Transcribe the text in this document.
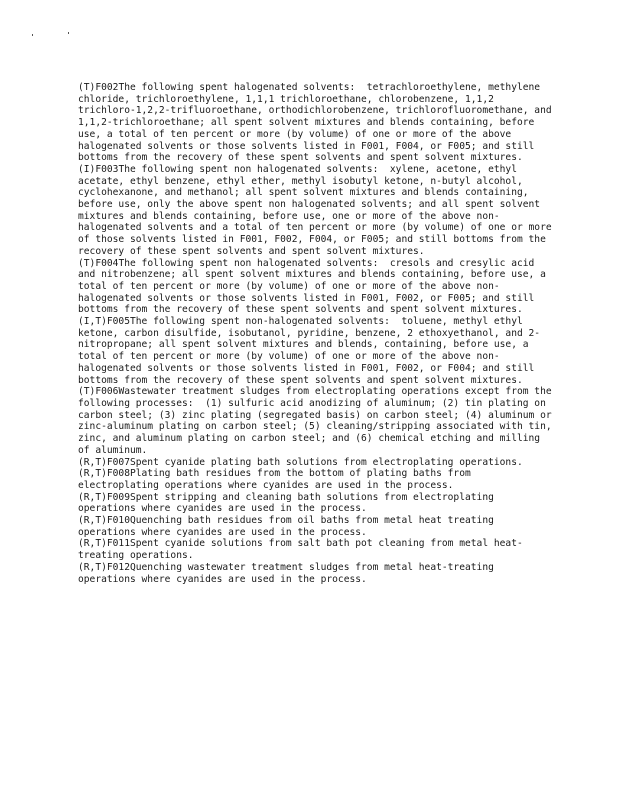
(T)F002The following spent halogenated solvents:  tetrachloroethylene, methylene chloride, trichloroethylene, 1,1,1 trichloroethane, chlorobenzene, 1,1,2 trichloro-1,2,2-trifluoroethane, orthodichlorobenzene, trichlorofluoromethane, and 1,1,2-trichloroethane; all spent solvent mixtures and blends containing, before use, a total of ten percent or more (by volume) of one or more of the above halogenated solvents or those solvents listed in F001, F004, or F005; and still bottoms from the recovery of these spent solvents and spent solvent mixtures.

(I)F003The following spent non halogenated solvents:  xylene, acetone, ethyl acetate, ethyl benzene, ethyl ether, methyl isobutyl ketone, n-butyl alcohol, cyclohexanone, and methanol; all spent solvent mixtures and blends containing, before use, only the above spent non halogenated solvents; and all spent solvent mixtures and blends containing, before use, one or more of the above non-halogenated solvents and a total of ten percent or more (by volume) of one or more of those solvents listed in F001, F002, F004, or F005; and still bottoms from the recovery of these spent solvents and spent solvent mixtures.

(T)F004The following spent non halogenated solvents:  cresols and cresylic acid and nitrobenzene; all spent solvent mixtures and blends containing, before use, a total of ten percent or more (by volume) of one or more of the above non-halogenated solvents or those solvents listed in F001, F002, or F005; and still bottoms from the recovery of these spent solvents and spent solvent mixtures.

(I,T)F005The following spent non-halogenated solvents:  toluene, methyl ethyl ketone, carbon disulfide, isobutanol, pyridine, benzene, 2 ethoxyethanol, and 2-nitropropane; all spent solvent mixtures and blends, containing, before use, a total of ten percent or more (by volume) of one or more of the above non-halogenated solvents or those solvents listed in F001, F002, or F004; and still bottoms from the recovery of these spent solvents and spent solvent mixtures.

(T)F006Wastewater treatment sludges from electroplating operations except from the following processes:  (1) sulfuric acid anodizing of aluminum; (2) tin plating on carbon steel; (3) zinc plating (segregated basis) on carbon steel; (4) aluminum or zinc-aluminum plating on carbon steel; (5) cleaning/stripping associated with tin, zinc, and aluminum plating on carbon steel; and (6) chemical etching and milling of aluminum.

(R,T)F007Spent cyanide plating bath solutions from electroplating operations.

(R,T)F008Plating bath residues from the bottom of plating baths from electroplating operations where cyanides are used in the process.

(R,T)F009Spent stripping and cleaning bath solutions from electroplating operations where cyanides are used in the process.

(R,T)F010Quenching bath residues from oil baths from metal heat treating operations where cyanides are used in the process.

(R,T)F011Spent cyanide solutions from salt bath pot cleaning from metal heat-treating operations.

(R,T)F012Quenching wastewater treatment sludges from metal heat-treating operations where cyanides are used in the process.
